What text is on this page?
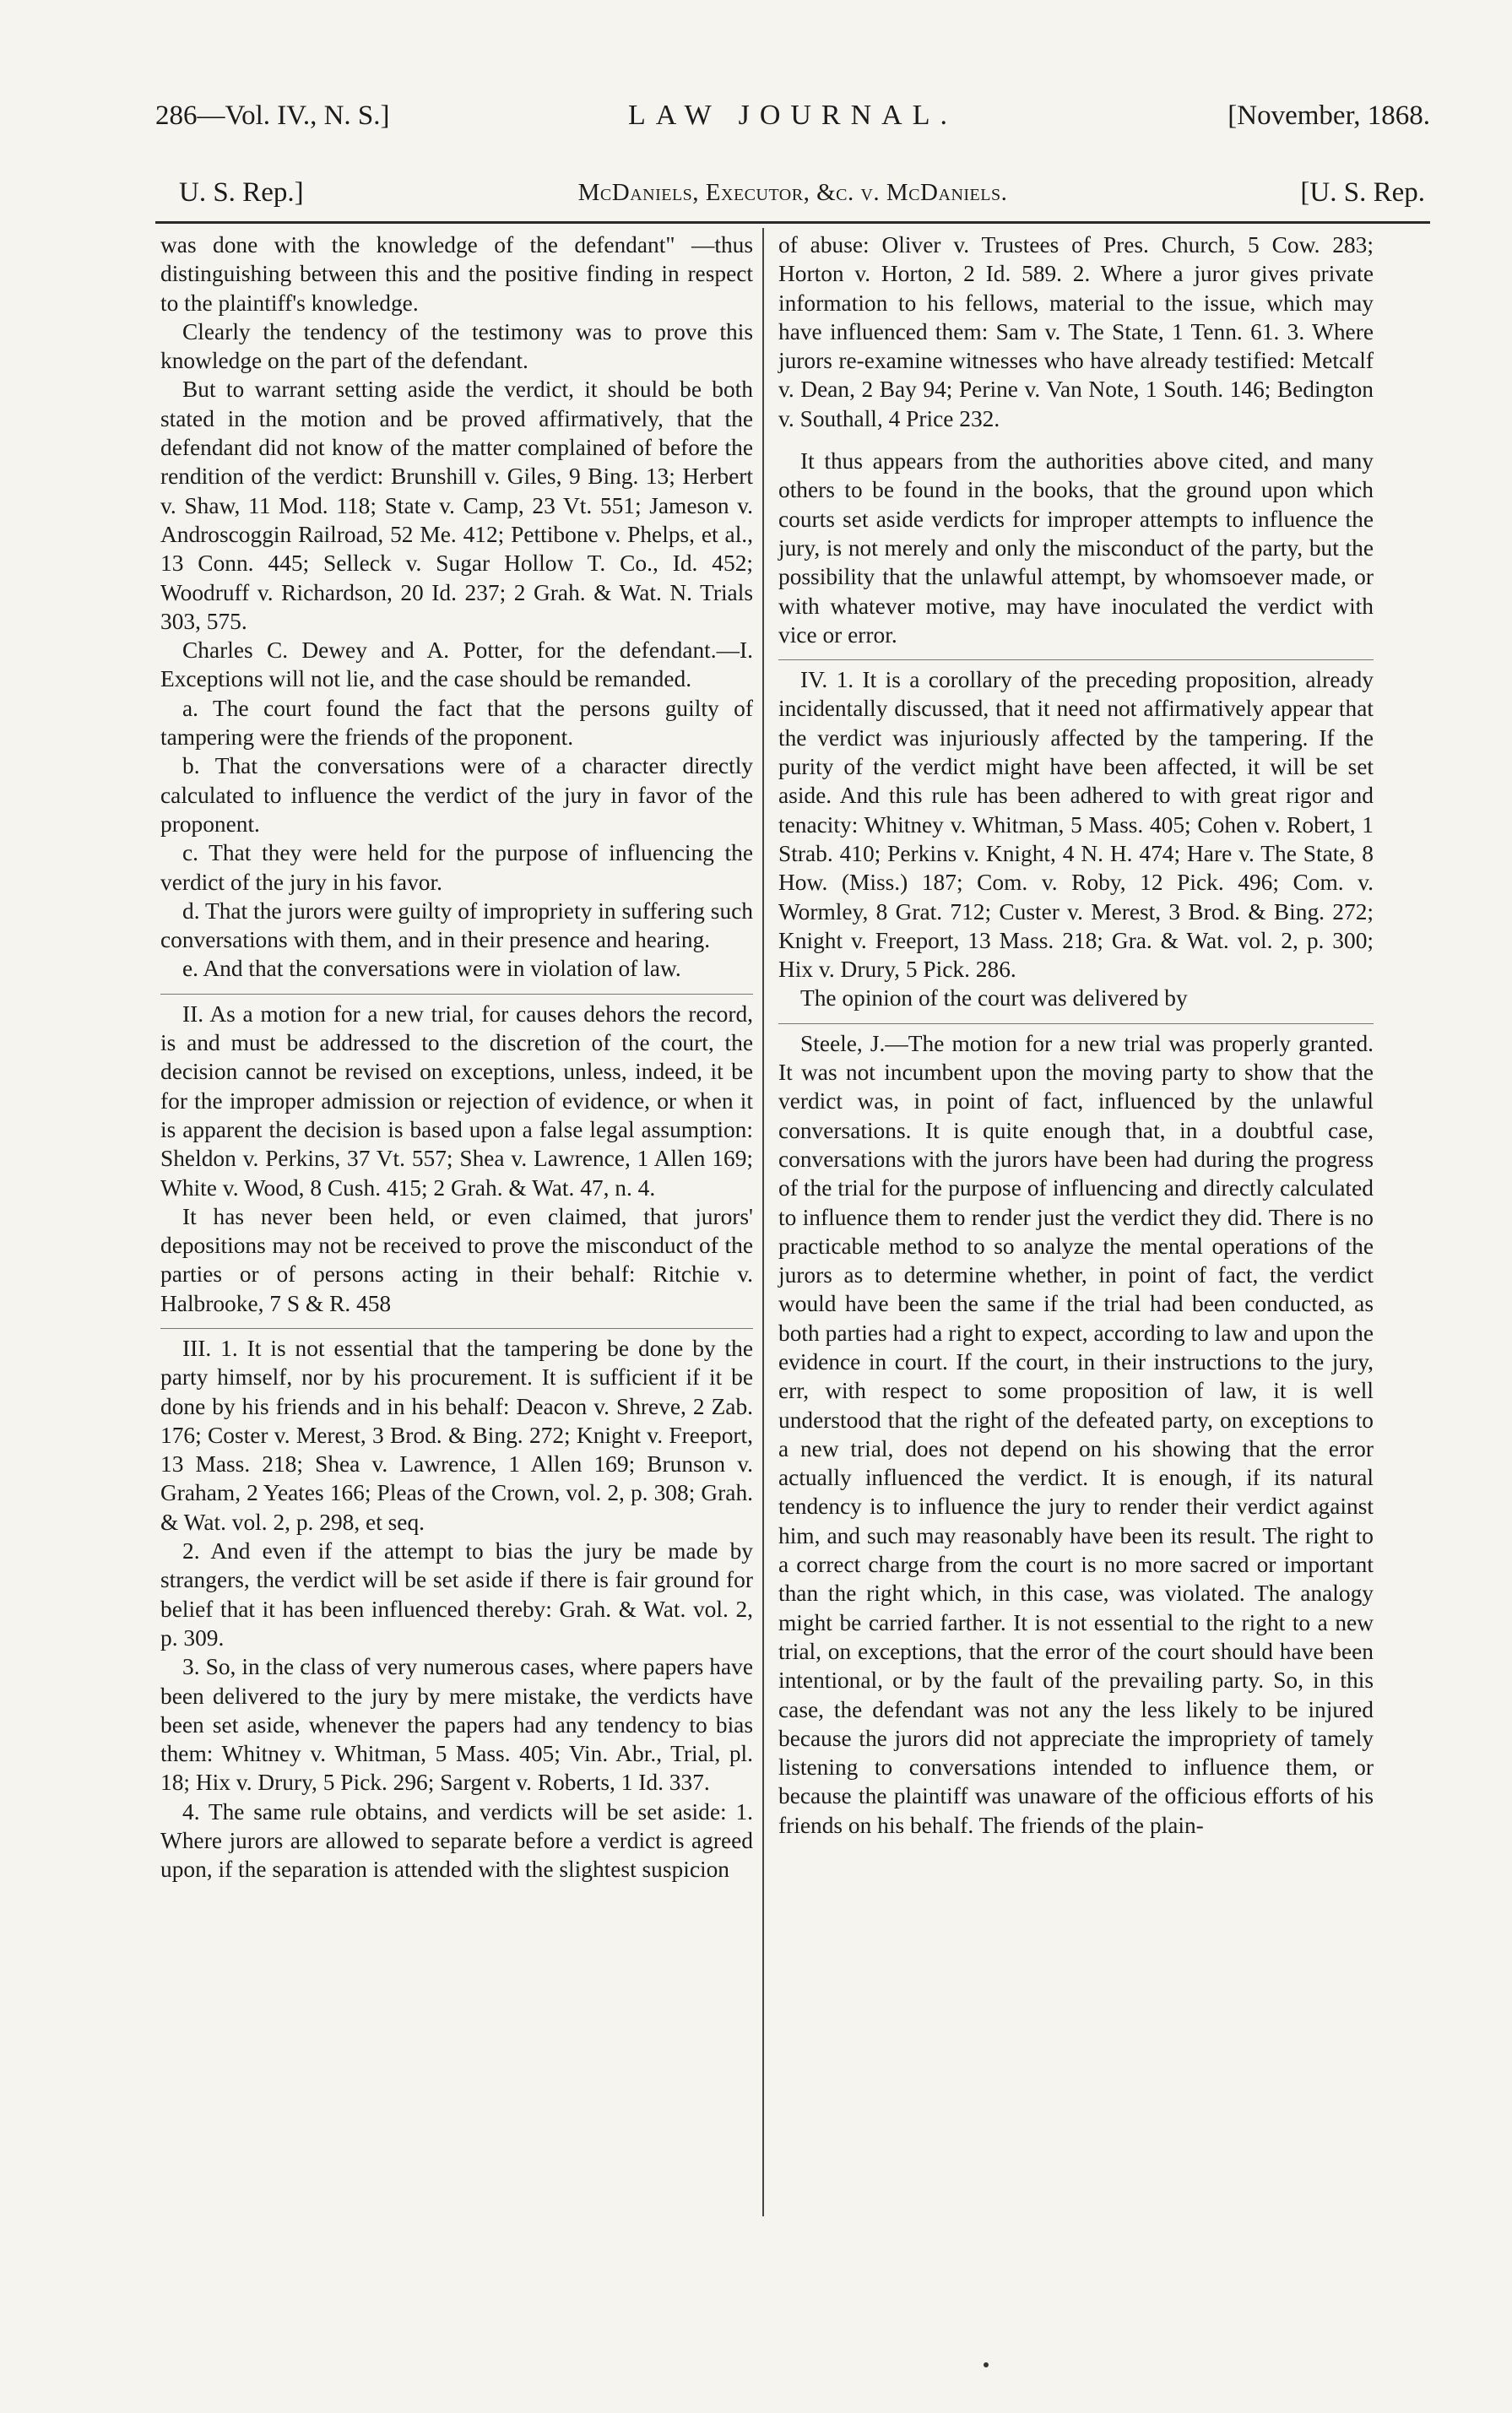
286—Vol. IV., N. S.]	LAW JOURNAL.	[November, 1868.
U. S. Rep.]	McDaniels, Executor, &c. v. McDaniels.	[U. S. Rep.

was done with the knowledge of the defendant" —thus distinguishing between this and the positive finding in respect to the plaintiff's knowledge.

Clearly the tendency of the testimony was to prove this knowledge on the part of the defendant.

But to warrant setting aside the verdict, it should be both stated in the motion and be proved affirmatively, that the defendant did not know of the matter complained of before the rendition of the verdict: Brunshill v. Giles, 9 Bing. 13; Herbert v. Shaw, 11 Mod. 118; State v. Camp, 23 Vt. 551; Jameson v. Androscoggin Railroad, 52 Me. 412; Pettibone v. Phelps, et al., 13 Conn. 445; Selleck v. Sugar Hollow T. Co., Id. 452; Woodruff v. Richardson, 20 Id. 237; 2 Grah. & Wat. N. Trials 303, 575.

Charles C. Dewey and A. Potter, for the defendant.—I. Exceptions will not lie, and the case should be remanded.

a. The court found the fact that the persons guilty of tampering were the friends of the proponent.

b. That the conversations were of a character directly calculated to influence the verdict of the jury in favor of the proponent.

c. That they were held for the purpose of influencing the verdict of the jury in his favor.

d. That the jurors were guilty of impropriety in suffering such conversations with them, and in their presence and hearing.

e. And that the conversations were in violation of law.

II. As a motion for a new trial, for causes dehors the record, is and must be addressed to the discretion of the court, the decision cannot be revised on exceptions, unless, indeed, it be for the improper admission or rejection of evidence, or when it is apparent the decision is based upon a false legal assumption: Sheldon v. Perkins, 37 Vt. 557; Shea v. Lawrence, 1 Allen 169; White v. Wood, 8 Cush. 415; 2 Grah. & Wat. 47, n. 4.

It has never been held, or even claimed, that jurors' depositions may not be received to prove the misconduct of the parties or of persons acting in their behalf: Ritchie v. Halbrooke, 7 S & R. 458

III. 1. It is not essential that the tampering be done by the party himself, nor by his procurement. It is sufficient if it be done by his friends and in his behalf: Deacon v. Shreve, 2 Zab. 176; Coster v. Merest, 3 Brod. & Bing. 272; Knight v. Freeport, 13 Mass. 218; Shea v. Lawrence, 1 Allen 169; Brunson v. Graham, 2 Yeates 166; Pleas of the Crown, vol. 2, p. 308; Grah. & Wat. vol. 2, p. 298, et seq.

2. And even if the attempt to bias the jury be made by strangers, the verdict will be set aside if there is fair ground for belief that it has been influenced thereby: Grah. & Wat. vol. 2, p. 309.

3. So, in the class of very numerous cases, where papers have been delivered to the jury by mere mistake, the verdicts have been set aside, whenever the papers had any tendency to bias them: Whitney v. Whitman, 5 Mass. 405; Vin. Abr., Trial, pl. 18; Hix v. Drury, 5 Pick. 296; Sargent v. Roberts, 1 Id. 337.

4. The same rule obtains, and verdicts will be set aside: 1. Where jurors are allowed to separate before a verdict is agreed upon, if the separation is attended with the slightest suspicion

of abuse: Oliver v. Trustees of Pres. Church, 5 Cow. 283; Horton v. Horton, 2 Id. 589. 2. Where a juror gives private information to his fellows, material to the issue, which may have influenced them: Sam v. The State, 1 Tenn. 61. 3. Where jurors re-examine witnesses who have already testified: Metcalf v. Dean, 2 Bay 94; Perine v. Van Note, 1 South. 146; Bedington v. Southall, 4 Price 232.

It thus appears from the authorities above cited, and many others to be found in the books, that the ground upon which courts set aside verdicts for improper attempts to influence the jury, is not merely and only the misconduct of the party, but the possibility that the unlawful attempt, by whomsoever made, or with whatever motive, may have inoculated the verdict with vice or error.

IV. 1. It is a corollary of the preceding proposition, already incidentally discussed, that it need not affirmatively appear that the verdict was injuriously affected by the tampering. If the purity of the verdict might have been affected, it will be set aside. And this rule has been adhered to with great rigor and tenacity: Whitney v. Whitman, 5 Mass. 405; Cohen v. Robert, 1 Strab. 410; Perkins v. Knight, 4 N. H. 474; Hare v. The State, 8 How. (Miss.) 187; Com. v. Roby, 12 Pick. 496; Com. v. Wormley, 8 Grat. 712; Custer v. Merest, 3 Brod. & Bing. 272; Knight v. Freeport, 13 Mass. 218; Gra. & Wat. vol. 2, p. 300; Hix v. Drury, 5 Pick. 286.

The opinion of the court was delivered by

Steele, J.—The motion for a new trial was properly granted. It was not incumbent upon the moving party to show that the verdict was, in point of fact, influenced by the unlawful conversations. It is quite enough that, in a doubtful case, conversations with the jurors have been had during the progress of the trial for the purpose of influencing and directly calculated to influence them to render just the verdict they did. There is no practicable method to so analyze the mental operations of the jurors as to determine whether, in point of fact, the verdict would have been the same if the trial had been conducted, as both parties had a right to expect, according to law and upon the evidence in court. If the court, in their instructions to the jury, err, with respect to some proposition of law, it is well understood that the right of the defeated party, on exceptions to a new trial, does not depend on his showing that the error actually influenced the verdict. It is enough, if its natural tendency is to influence the jury to render their verdict against him, and such may reasonably have been its result. The right to a correct charge from the court is no more sacred or important than the right which, in this case, was violated. The analogy might be carried farther. It is not essential to the right to a new trial, on exceptions, that the error of the court should have been intentional, or by the fault of the prevailing party. So, in this case, the defendant was not any the less likely to be injured because the jurors did not appreciate the impropriety of tamely listening to conversations intended to influence them, or because the plaintiff was unaware of the officious efforts of his friends on his behalf. The friends of the plain-
